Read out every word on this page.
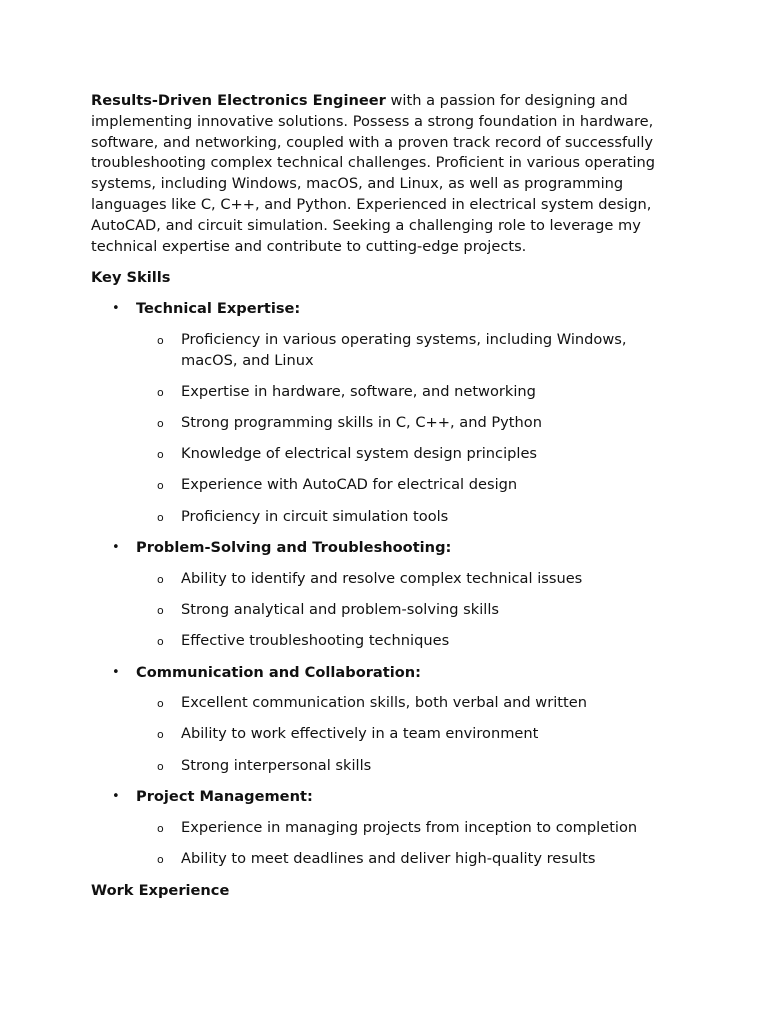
Results-Driven Electronics Engineer with a passion for designing and implementing innovative solutions. Possess a strong foundation in hardware, software, and networking, coupled with a proven track record of successfully troubleshooting complex technical challenges. Proficient in various operating systems, including Windows, macOS, and Linux, as well as programming languages like C, C++, and Python. Experienced in electrical system design, AutoCAD, and circuit simulation. Seeking a challenging role to leverage my technical expertise and contribute to cutting-edge projects.

Key Skills
• Technical Expertise:
o Proficiency in various operating systems, including Windows, macOS, and Linux
o Expertise in hardware, software, and networking
o Strong programming skills in C, C++, and Python
o Knowledge of electrical system design principles
o Experience with AutoCAD for electrical design
o Proficiency in circuit simulation tools
• Problem-Solving and Troubleshooting:
o Ability to identify and resolve complex technical issues
o Strong analytical and problem-solving skills
o Effective troubleshooting techniques
• Communication and Collaboration:
o Excellent communication skills, both verbal and written
o Ability to work effectively in a team environment
o Strong interpersonal skills
• Project Management:
o Experience in managing projects from inception to completion
o Ability to meet deadlines and deliver high-quality results
Work Experience
